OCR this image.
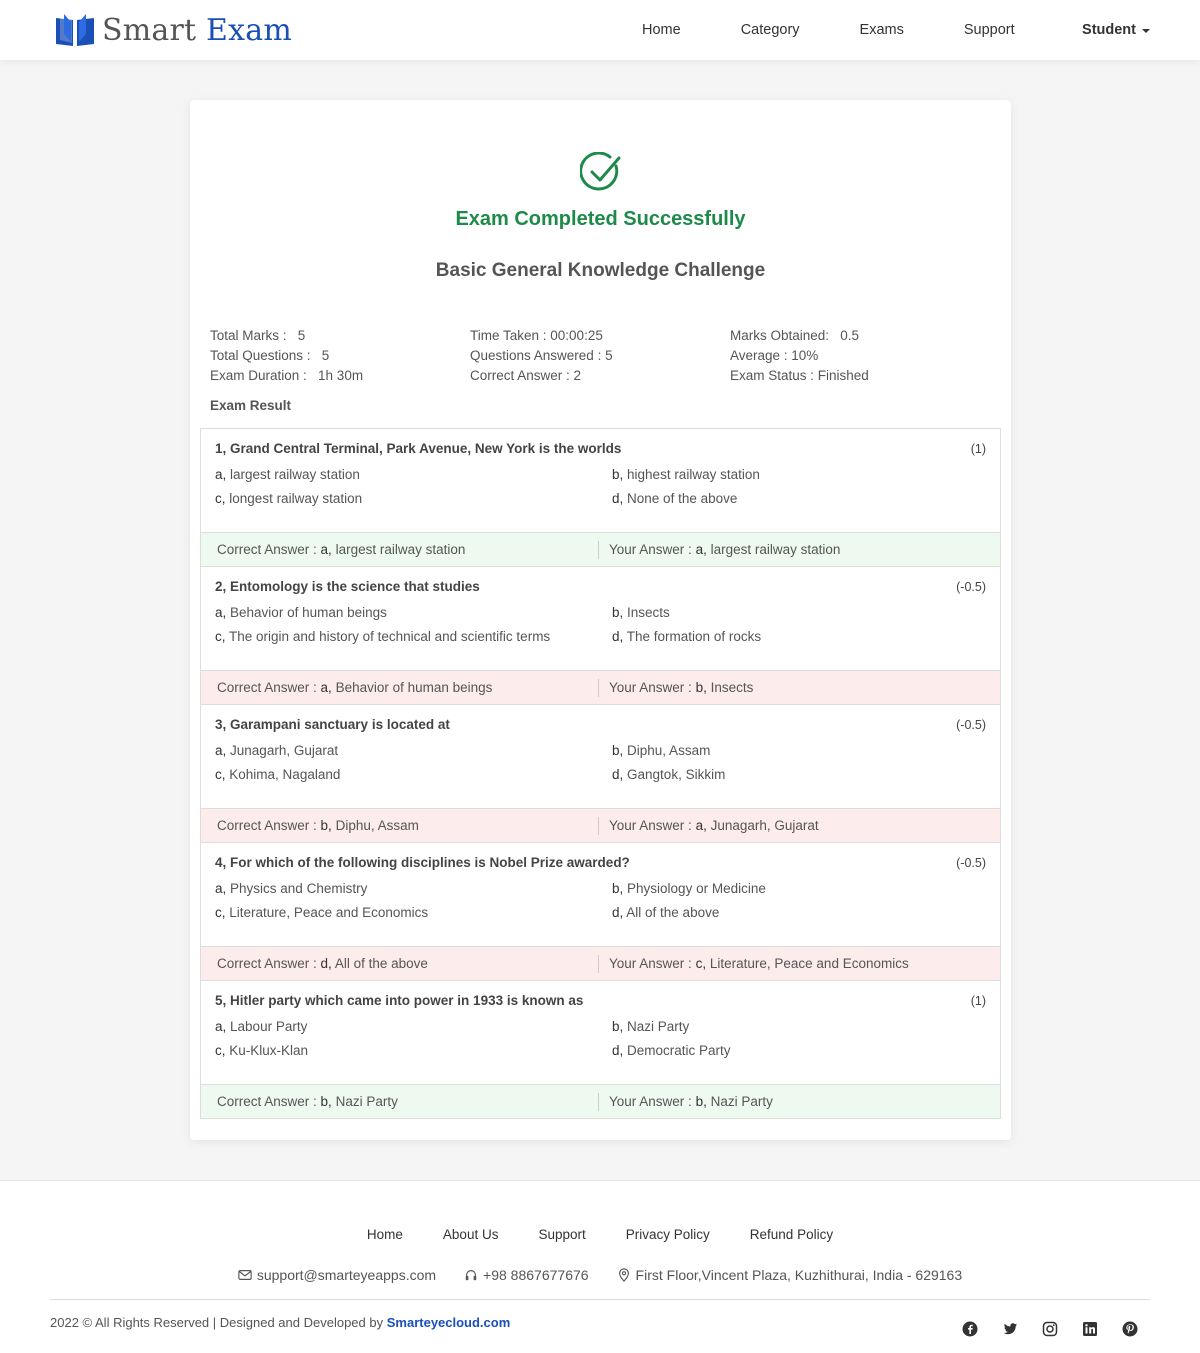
Smart Exam	Home	Category	Exams	Support	Student
Exam Completed Successfully
Basic General Knowledge Challenge
Total Marks :   5
Total Questions :   5
Exam Duration :   1h 30m
Time Taken : 00:00:25
Questions Answered : 5
Correct Answer : 2
Marks Obtained:   0.5
Average : 10%
Exam Status : Finished
Exam Result
1, Grand Central Terminal, Park Avenue, New York is the worlds	(1)
a, largest railway station	b, highest railway station
c, longest railway station	d, None of the above
Correct Answer : a, largest railway station	Your Answer : a, largest railway station
2, Entomology is the science that studies	(-0.5)
a, Behavior of human beings	b, Insects
c, The origin and history of technical and scientific terms	d, The formation of rocks
Correct Answer : a, Behavior of human beings	Your Answer : b, Insects
3, Garampani sanctuary is located at	(-0.5)
a, Junagarh, Gujarat	b, Diphu, Assam
c, Kohima, Nagaland	d, Gangtok, Sikkim
Correct Answer : b, Diphu, Assam	Your Answer : a, Junagarh, Gujarat
4, For which of the following disciplines is Nobel Prize awarded?	(-0.5)
a, Physics and Chemistry	b, Physiology or Medicine
c, Literature, Peace and Economics	d, All of the above
Correct Answer : d, All of the above	Your Answer : c, Literature, Peace and Economics
5, Hitler party which came into power in 1933 is known as	(1)
a, Labour Party	b, Nazi Party
c, Ku-Klux-Klan	d, Democratic Party
Correct Answer : b, Nazi Party	Your Answer : b, Nazi Party
Home	About Us	Support	Privacy Policy	Refund Policy
support@smarteyeapps.com	+98 8867677676	First Floor,Vincent Plaza, Kuzhithurai, India - 629163
2022 © All Rights Reserved | Designed and Developed by Smarteyecloud.com
